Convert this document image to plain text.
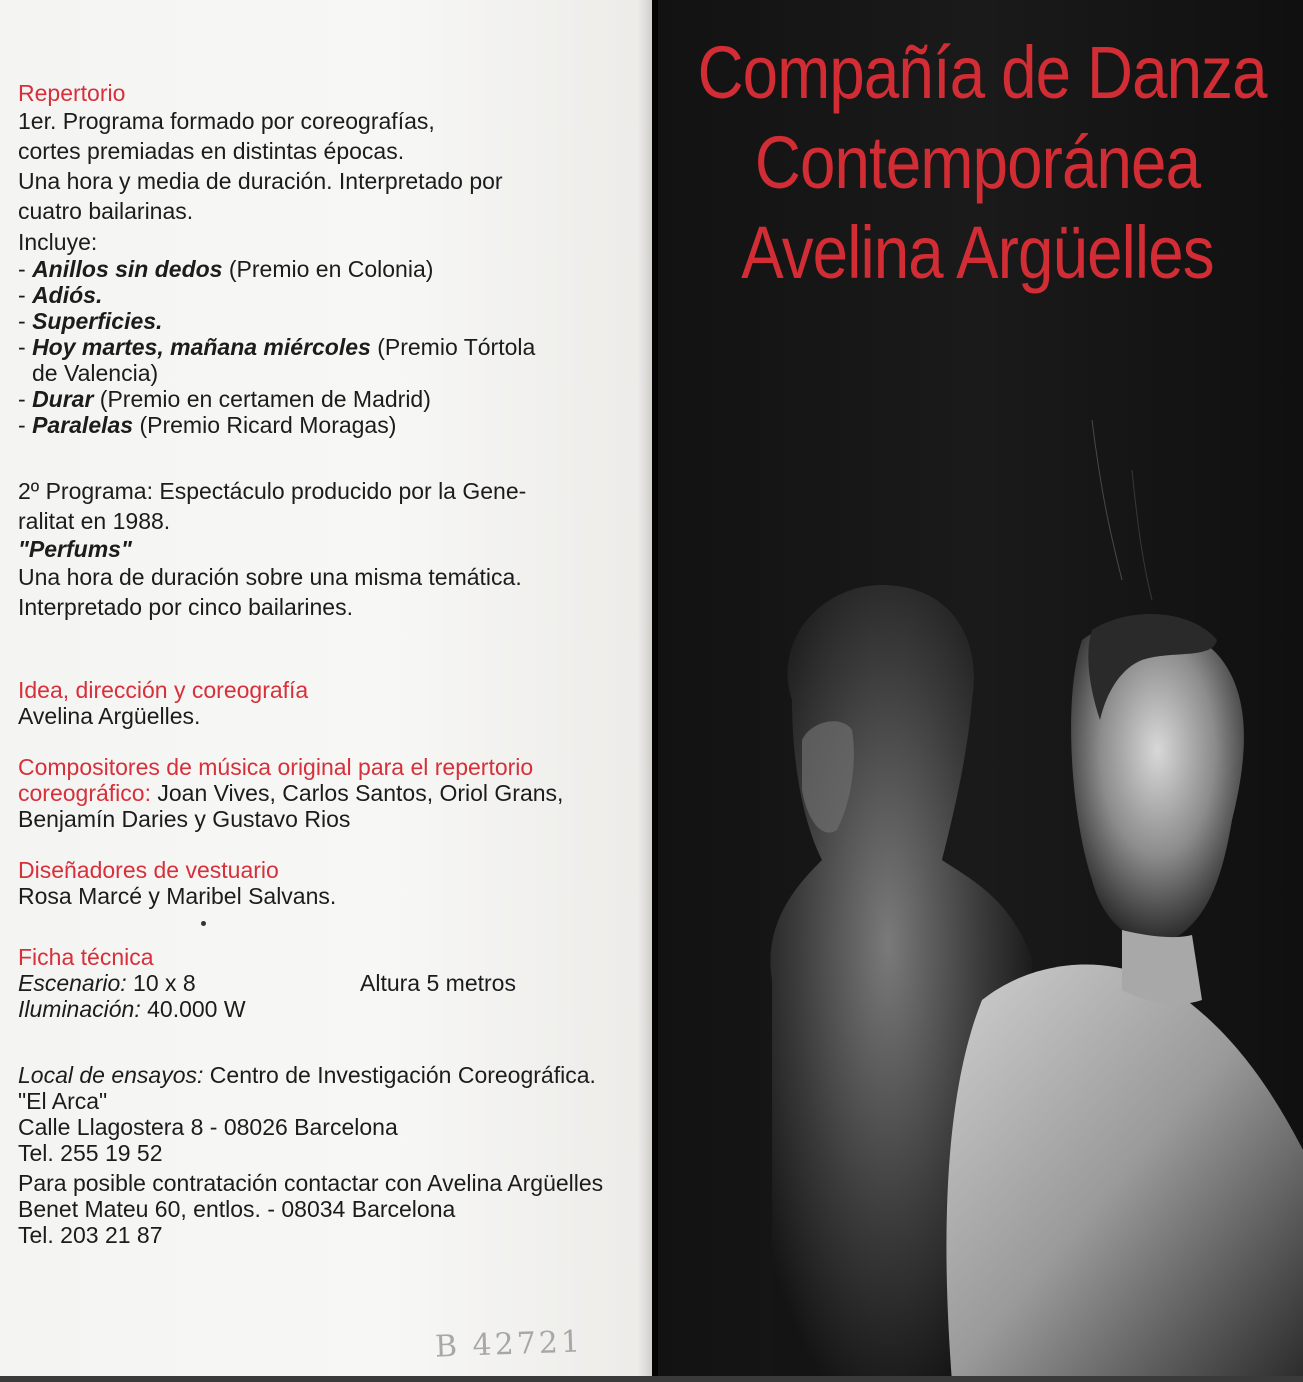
Repertorio
1er. Programa formado por coreografías,
cortes premiadas en distintas épocas.
Una hora y media de duración. Interpretado por
cuatro bailarinas.
Incluye:
- Anillos sin dedos (Premio en Colonia)
- Adiós.
- Superficies.
- Hoy martes, mañana miércoles (Premio Tórtola
de Valencia)
- Durar (Premio en certamen de Madrid)
- Paralelas (Premio Ricard Moragas)
2º Programa: Espectáculo producido por la Gene-
ralitat en 1988.
"Perfums"
Una hora de duración sobre una misma temática.
Interpretado por cinco bailarines.
Idea, dirección y coreografía
Avelina Argüelles.
Compositores de música original para el repertorio
coreográfico: Joan Vives, Carlos Santos, Oriol Grans,
Benjamín Daries y Gustavo Rios
Diseñadores de vestuario
Rosa Marcé y Maribel Salvans.
Ficha técnica
Escenario: 10 x 8	Altura 5 metros
Iluminación: 40.000 W
Local de ensayos: Centro de Investigación Coreográfica.
"El Arca"
Calle Llagostera 8 - 08026 Barcelona
Tel. 255 19 52
Para posible contratación contactar con Avelina Argüelles
Benet Mateu 60, entlos. - 08034 Barcelona
Tel. 203 21 87
B 42721
Compañía de Danza
Contemporánea
Avelina Argüelles
